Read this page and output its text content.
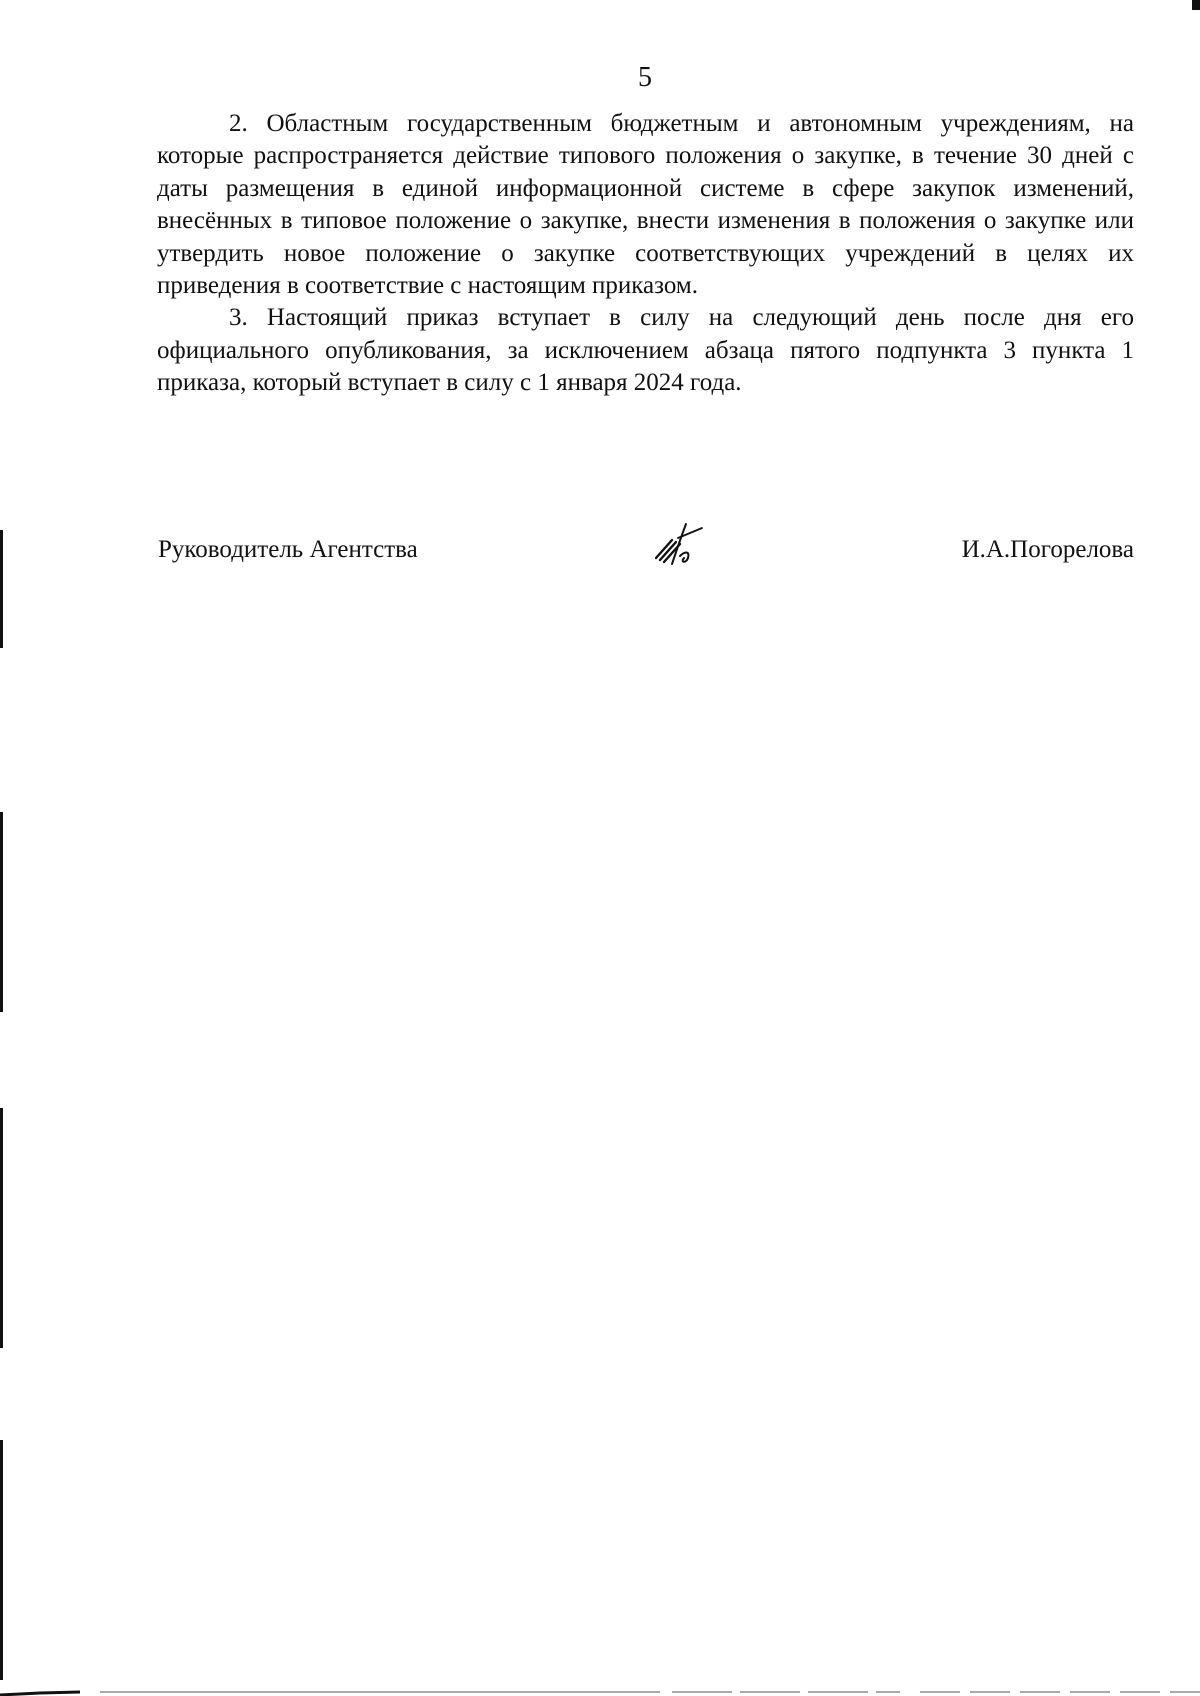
5

2. Областным государственным бюджетным и автономным учреждениям, на которые распространяется действие типового положения о закупке, в течение 30 дней с даты размещения в единой информационной системе в сфере закупок изменений, внесённых в типовое положение о закупке, внести изменения в положения о закупке или утвердить новое положение о закупке соответствующих учреждений в целях их приведения в соответствие с настоящим приказом.

3. Настоящий приказ вступает в силу на следующий день после дня его официального опубликования, за исключением абзаца пятого подпункта 3 пункта 1 приказа, который вступает в силу с 1 января 2024 года.

Руководитель Агентства	И.А.Погорелова
